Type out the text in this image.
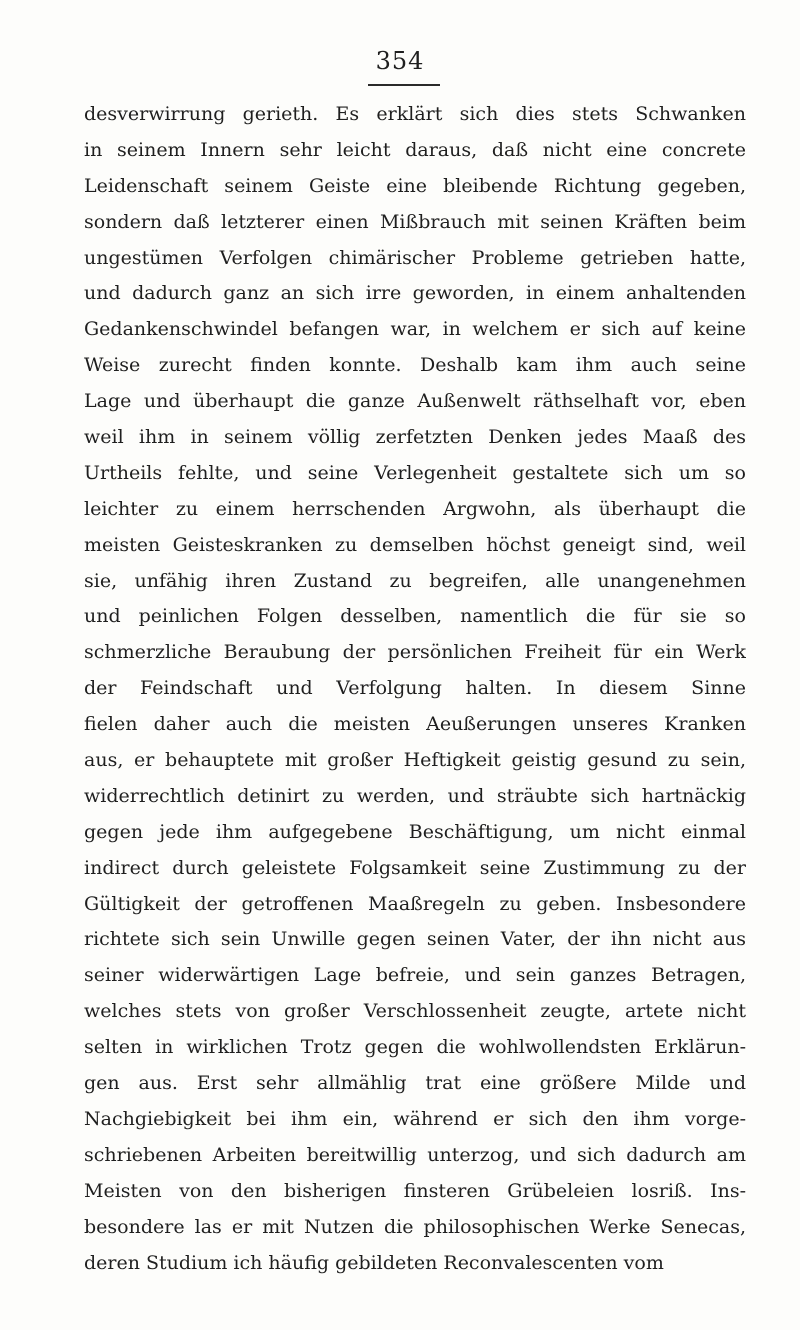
354
desverwirrung gerieth. Es erklärt sich dies stets Schwanken
in seinem Innern sehr leicht daraus, daß nicht eine concrete
Leidenschaft seinem Geiste eine bleibende Richtung gegeben,
sondern daß letzterer einen Mißbrauch mit seinen Kräften beim
ungestümen Verfolgen chimärischer Probleme getrieben hatte,
und dadurch ganz an sich irre geworden, in einem anhaltenden
Gedankenschwindel befangen war, in welchem er sich auf keine
Weise zurecht finden konnte. Deshalb kam ihm auch seine
Lage und überhaupt die ganze Außenwelt räthselhaft vor, eben
weil ihm in seinem völlig zerfetzten Denken jedes Maaß des
Urtheils fehlte, und seine Verlegenheit gestaltete sich um so
leichter zu einem herrschenden Argwohn, als überhaupt die
meisten Geisteskranken zu demselben höchst geneigt sind, weil
sie, unfähig ihren Zustand zu begreifen, alle unangenehmen
und peinlichen Folgen desselben, namentlich die für sie so
schmerzliche Beraubung der persönlichen Freiheit für ein Werk
der Feindschaft und Verfolgung halten. In diesem Sinne
fielen daher auch die meisten Aeußerungen unseres Kranken
aus, er behauptete mit großer Heftigkeit geistig gesund zu sein,
widerrechtlich detinirt zu werden, und sträubte sich hartnäckig
gegen jede ihm aufgegebene Beschäftigung, um nicht einmal
indirect durch geleistete Folgsamkeit seine Zustimmung zu der
Gültigkeit der getroffenen Maaßregeln zu geben. Insbesondere
richtete sich sein Unwille gegen seinen Vater, der ihn nicht aus
seiner widerwärtigen Lage befreie, und sein ganzes Betragen,
welches stets von großer Verschlossenheit zeugte, artete nicht
selten in wirklichen Trotz gegen die wohlwollendsten Erklärun-
gen aus. Erst sehr allmählig trat eine größere Milde und
Nachgiebigkeit bei ihm ein, während er sich den ihm vorge-
schriebenen Arbeiten bereitwillig unterzog, und sich dadurch am
Meisten von den bisherigen finsteren Grübeleien losriß. Ins-
besondere las er mit Nutzen die philosophischen Werke Senecas,
deren Studium ich häufig gebildeten Reconvalescenten vom
